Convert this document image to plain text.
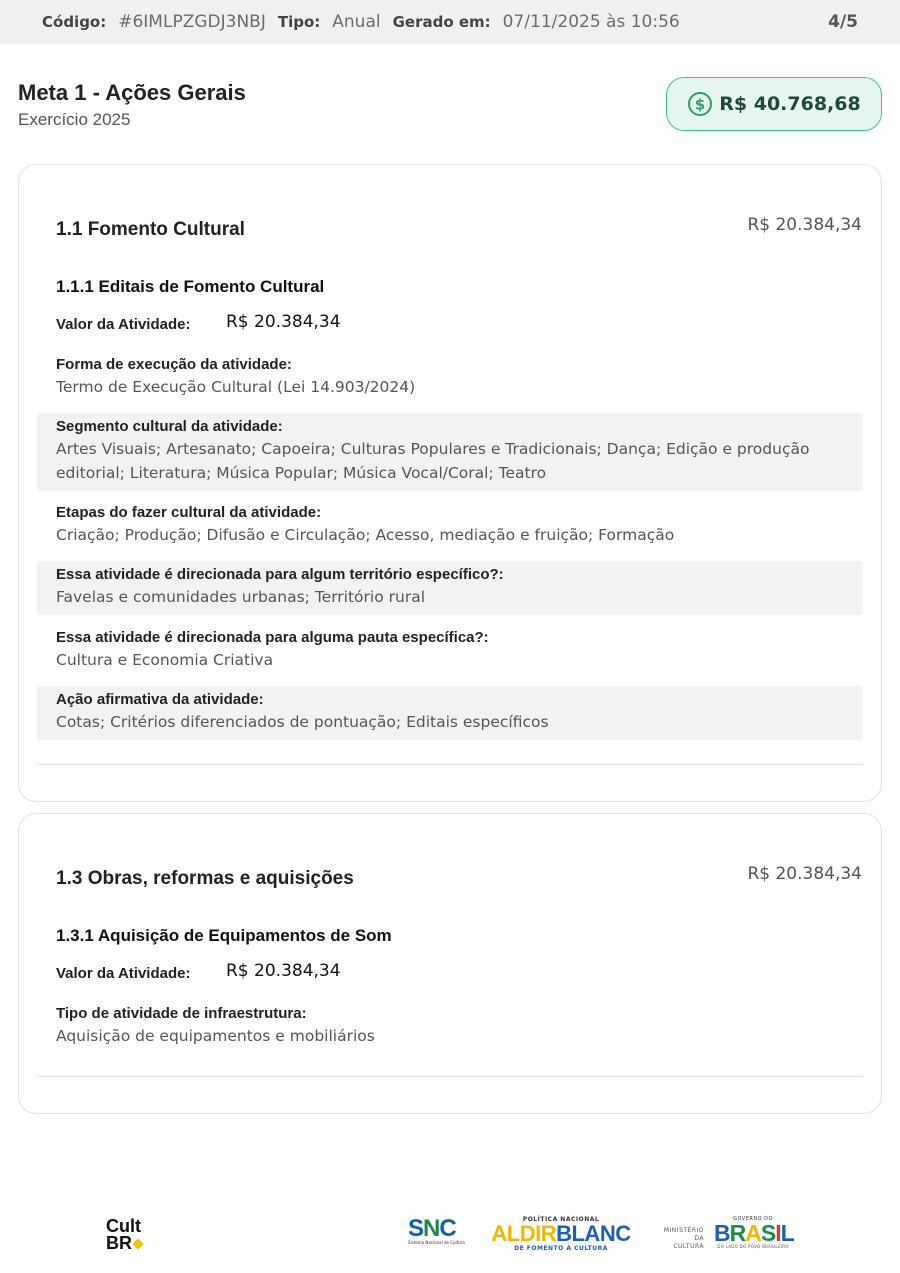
Código: #6IMLPZGDJ3NBJ Tipo: Anual Gerado em: 07/11/2025 às 10:56	4/5
Meta 1 - Ações Gerais
Exercício 2025
$ R$ 40.768,68
1.1 Fomento Cultural	R$ 20.384,34
1.1.1 Editais de Fomento Cultural
Valor da Atividade: R$ 20.384,34
Forma de execução da atividade:
Termo de Execução Cultural (Lei 14.903/2024)
Segmento cultural da atividade:
Artes Visuais; Artesanato; Capoeira; Culturas Populares e Tradicionais; Dança; Edição e produção editorial; Literatura; Música Popular; Música Vocal/Coral; Teatro
Etapas do fazer cultural da atividade:
Criação; Produção; Difusão e Circulação; Acesso, mediação e fruição; Formação
Essa atividade é direcionada para algum território específico?:
Favelas e comunidades urbanas; Território rural
Essa atividade é direcionada para alguma pauta específica?:
Cultura e Economia Criativa
Ação afirmativa da atividade:
Cotas; Critérios diferenciados de pontuação; Editais específicos
1.3 Obras, reformas e aquisições	R$ 20.384,34
1.3.1 Aquisição de Equipamentos de Som
Valor da Atividade: R$ 20.384,34
Tipo de atividade de infraestrutura:
Aquisição de equipamentos e mobiliários
Cult
BR
SNC
Sistema Nacional de Cultura
POLÍTICA NACIONAL
ALDIRBLANC
DE FOMENTO À CULTURA
MINISTÉRIO DA
CULTURA
GOVERNO DO
BRASIL
DO LADO DO POVO BRASILEIRO
